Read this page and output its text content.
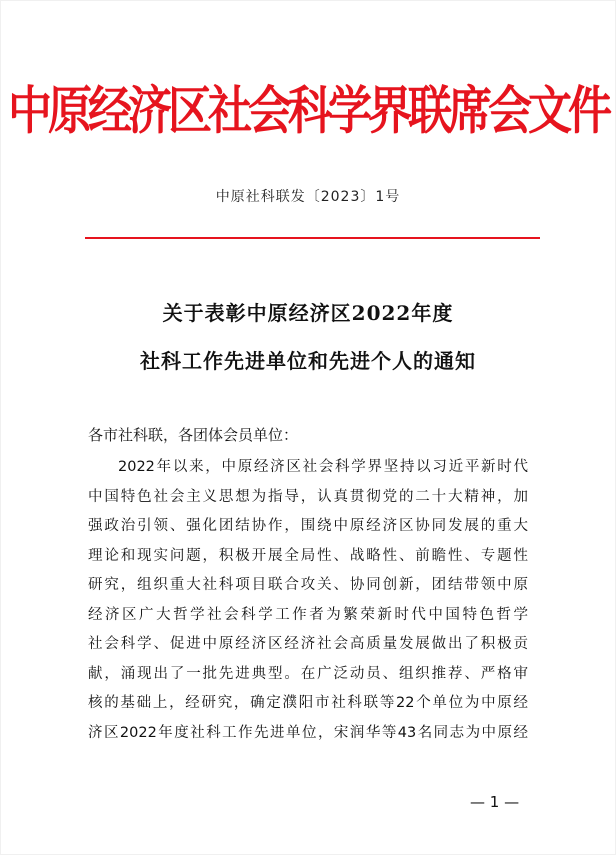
中原经济区社会科学界联席会文件
中原社科联发〔2023〕1号
关于表彰中原经济区2022年度
社科工作先进单位和先进个人的通知
各市社科联，各团体会员单位：
2022年以来，中原经济区社会科学界坚持以习近平新时代
中国特色社会主义思想为指导，认真贯彻党的二十大精神，加
强政治引领、强化团结协作，围绕中原经济区协同发展的重大
理论和现实问题，积极开展全局性、战略性、前瞻性、专题性
研究，组织重大社科项目联合攻关、协同创新，团结带领中原
经济区广大哲学社会科学工作者为繁荣新时代中国特色哲学
社会科学、促进中原经济区经济社会高质量发展做出了积极贡
献，涌现出了一批先进典型。在广泛动员、组织推荐、严格审
核的基础上，经研究，确定濮阳市社科联等22个单位为中原经
济区2022年度社科工作先进单位，宋润华等43名同志为中原经
— 1 —
